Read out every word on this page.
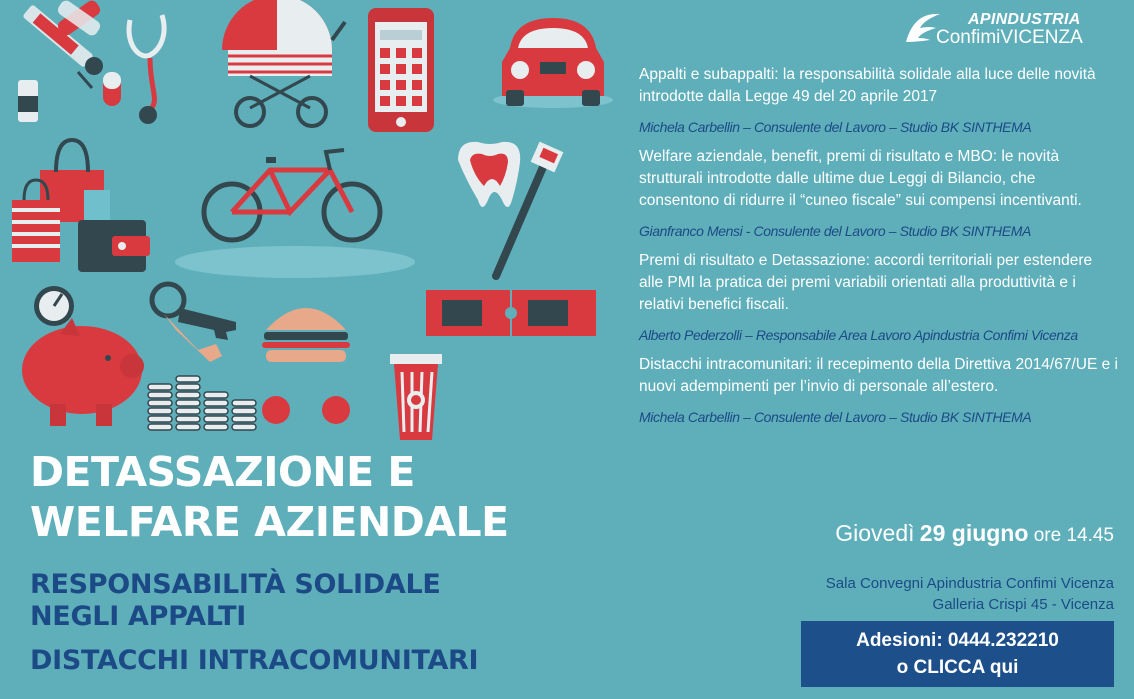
APINDUSTRIA
ConfimiVICENZA
DETASSAZIONE E
WELFARE AZIENDALE
RESPONSABILITÀ SOLIDALE
NEGLI APPALTI
DISTACCHI INTRACOMUNITARI

Appalti e subappalti: la responsabilità solidale alla luce delle novità introdotte dalla Legge 49 del 20 aprile 2017

Michela Carbellin – Consulente del Lavoro – Studio BK SINTHEMA

Welfare aziendale, benefit, premi di risultato e MBO: le novità strutturali introdotte dalle ultime due Leggi di Bilancio, che consentono di ridurre il “cuneo fiscale” sui compensi incentivanti.

Gianfranco Mensi - Consulente del Lavoro – Studio BK SINTHEMA

Premi di risultato e Detassazione: accordi territoriali per estendere alle PMI la pratica dei premi variabili orientati alla produttività e i relativi benefici fiscali.

Alberto Pederzolli – Responsabile Area Lavoro Apindustria Confimi Vicenza

Distacchi intracomunitari: il recepimento della Direttiva 2014/67/UE e i nuovi adempimenti per l’invio di personale all’estero.

Michela Carbellin – Consulente del Lavoro – Studio BK SINTHEMA

Giovedì 29 giugno ore 14.45
Sala Convegni Apindustria Confimi Vicenza
Galleria Crispi 45 - Vicenza
Adesioni: 0444.232210
o CLICCA qui
